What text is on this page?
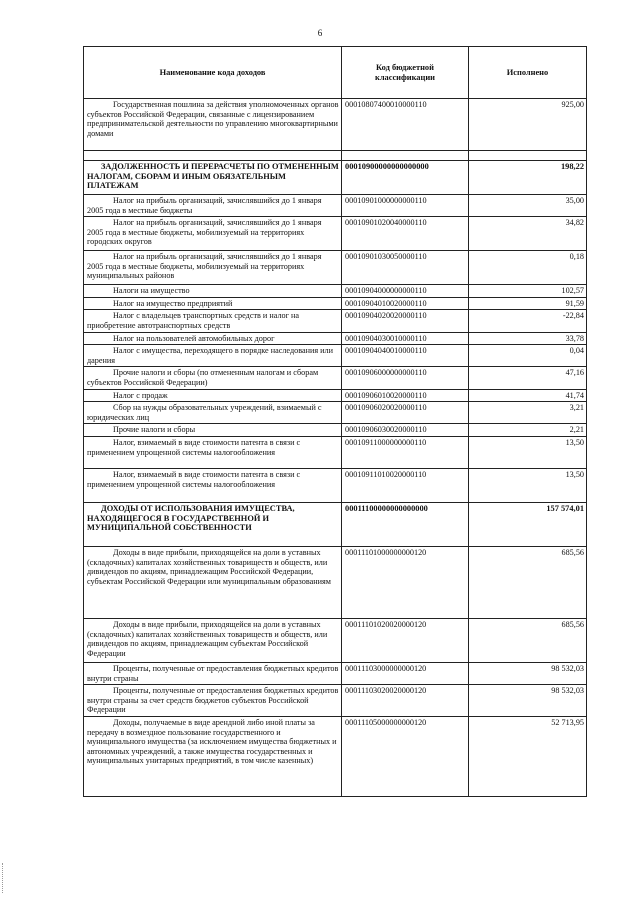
6
Наименование кода доходов	Код бюджетной классификации	Исполнено
Государственная пошлина за действия уполномоченных органов субъектов Российской Федерации, связанные с лицензированием предпринимательской деятельности по управлению многоквартирными домами	00010807400010000110	925,00

ЗАДОЛЖЕННОСТЬ И ПЕРЕРАСЧЕТЫ ПО ОТМЕНЕННЫМ НАЛОГАМ, СБОРАМ И ИНЫМ ОБЯЗАТЕЛЬНЫМ ПЛАТЕЖАМ	00010900000000000000	198,22
Налог на прибыль организаций, зачислявшийся до 1 января 2005 года в местные бюджеты	00010901000000000110	35,00
Налог на прибыль организаций, зачислявшийся до 1 января 2005 года в местные бюджеты, мобилизуемый на территориях городских округов	00010901020040000110	34,82
Налог на прибыль организаций, зачислявшийся до 1 января 2005 года в местные бюджеты, мобилизуемый на территориях муниципальных районов	00010901030050000110	0,18
Налоги на имущество	00010904000000000110	102,57
Налог на имущество предприятий	00010904010020000110	91,59
Налог с владельцев транспортных средств и налог на приобретение автотранспортных средств	00010904020020000110	-22,84
Налог на пользователей автомобильных дорог	00010904030010000110	33,78
Налог с имущества, переходящего в порядке наследования или дарения	00010904040010000110	0,04
Прочие налоги и сборы (по отмененным налогам и сборам субъектов Российской Федерации)	00010906000000000110	47,16
Налог с продаж	00010906010020000110	41,74
Сбор на нужды образовательных учреждений, взимаемый с юридических лиц	00010906020020000110	3,21
Прочие налоги и сборы	00010906030020000110	2,21
Налог, взимаемый в виде стоимости патента в связи с применением упрощенной системы налогообложения	00010911000000000110	13,50
Налог, взимаемый в виде стоимости патента в связи с применением упрощенной системы налогообложения	00010911010020000110	13,50
ДОХОДЫ ОТ ИСПОЛЬЗОВАНИЯ ИМУЩЕСТВА, НАХОДЯЩЕГОСЯ В ГОСУДАРСТВЕННОЙ И МУНИЦИПАЛЬНОЙ СОБСТВЕННОСТИ	00011100000000000000	157 574,01
Доходы в виде прибыли, приходящейся на доли в уставных (складочных) капиталах хозяйственных товариществ и обществ, или дивидендов по акциям, принадлежащим Российской Федерации, субъектам Российской Федерации или муниципальным образованиям	00011101000000000120	685,56
Доходы в виде прибыли, приходящейся на доли в уставных (складочных) капиталах хозяйственных товариществ и обществ, или дивидендов по акциям, принадлежащим субъектам Российской Федерации	00011101020020000120	685,56
Проценты, полученные от предоставления бюджетных кредитов внутри страны	00011103000000000120	98 532,03
Проценты, полученные от предоставления бюджетных кредитов внутри страны за счет средств бюджетов субъектов Российской Федерации	00011103020020000120	98 532,03
Доходы, получаемые в виде арендной либо иной платы за передачу в возмездное пользование государственного и муниципального имущества (за исключением имущества бюджетных и автономных учреждений, а также имущества государственных и муниципальных унитарных предприятий, в том числе казенных)	00011105000000000120	52 713,95
